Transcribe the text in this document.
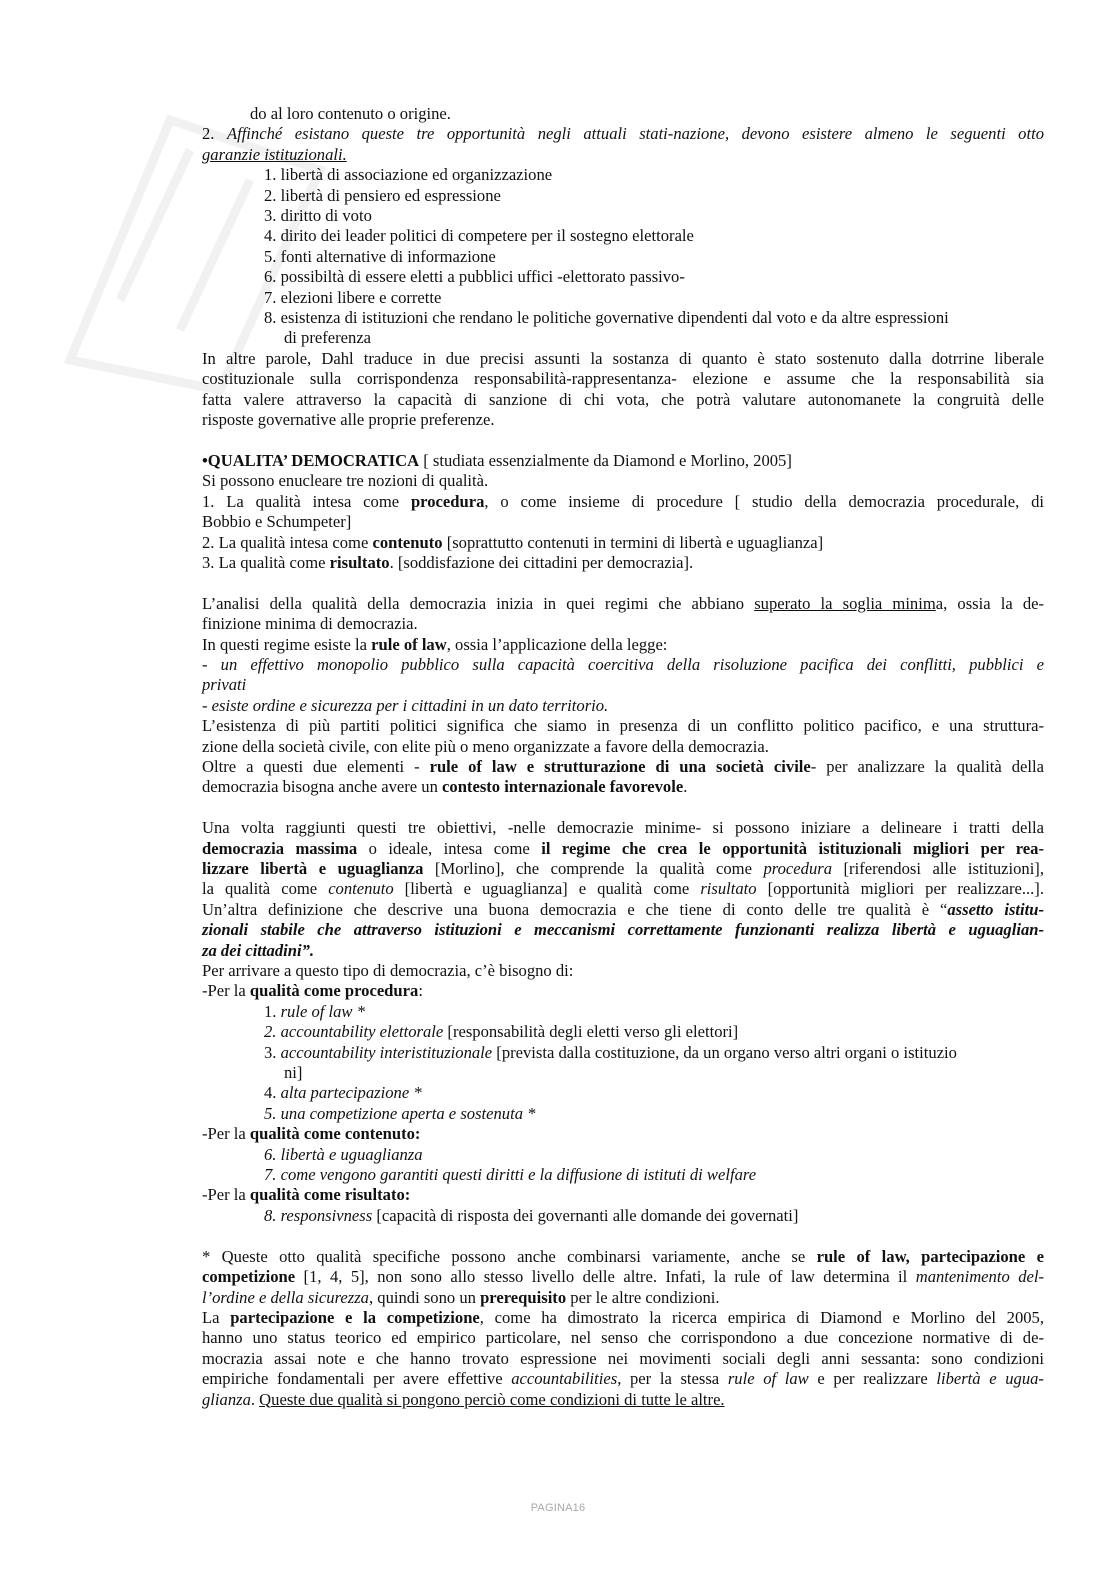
do al loro contenuto o origine.
2. Affinché esistano queste tre opportunità negli attuali stati-nazione, devono esistere almeno le seguenti otto
garanzie istituzionali.
1. libertà di associazione ed organizzazione
2. libertà di pensiero ed espressione
3. diritto di voto
4. dirito dei leader politici di competere per il sostegno elettorale
5. fonti alternative di informazione
6. possibiltà di essere eletti a pubblici uffici -elettorato passivo-
7. elezioni libere e corrette
8. esistenza di istituzioni che rendano le politiche governative dipendenti dal voto e da altre espressioni
di preferenza
In altre parole, Dahl traduce in due precisi assunti la sostanza di quanto è stato sostenuto dalla dotrrine liberale
costituzionale sulla corrispondenza responsabilità-rappresentanza- elezione e assume che la responsabilità sia
fatta valere attraverso la capacità di sanzione di chi vota, che potrà valutare autonomanete la congruità delle
risposte governative alle proprie preferenze.
•QUALITA’ DEMOCRATICA [ studiata essenzialmente da Diamond e Morlino, 2005]
Si possono enucleare tre nozioni di qualità.
1. La qualità intesa come procedura, o come insieme di procedure [ studio della democrazia procedurale, di
Bobbio e Schumpeter]
2. La qualità intesa come contenuto [soprattutto contenuti in termini di libertà e uguaglianza]
3. La qualità come risultato. [soddisfazione dei cittadini per democrazia].
L’analisi della qualità della democrazia inizia in quei regimi che abbiano superato la soglia minima, ossia la de-
finizione minima di democrazia.
In questi regime esiste la rule of law, ossia l’applicazione della legge:
- un effettivo monopolio pubblico sulla capacità coercitiva della risoluzione pacifica dei conflitti, pubblici e
privati
- esiste ordine e sicurezza per i cittadini in un dato territorio.
L’esistenza di più partiti politici significa che siamo in presenza di un conflitto politico pacifico, e una struttura-
zione della società civile, con elite più o meno organizzate a favore della democrazia.
Oltre a questi due elementi - rule of law e strutturazione di una società civile- per analizzare la qualità della
democrazia bisogna anche avere un contesto internazionale favorevole.
Una volta raggiunti questi tre obiettivi, -nelle democrazie minime- si possono iniziare a delineare i tratti della
democrazia massima o ideale, intesa come il regime che crea le opportunità istituzionali migliori per rea-
lizzare libertà e uguaglianza [Morlino], che comprende la qualità come procedura [riferendosi alle istituzioni],
la qualità come contenuto [libertà e uguaglianza] e qualità come risultato [opportunità migliori per realizzare...].
Un’altra definizione che descrive una buona democrazia e che tiene di conto delle tre qualità è “assetto istitu-
zionali stabile che attraverso istituzioni e meccanismi correttamente funzionanti realizza libertà e uguaglian-
za dei cittadini”.
Per arrivare a questo tipo di democrazia, c’è bisogno di:
-Per la qualità come procedura:
1. rule of law *
2. accountability elettorale [responsabilità degli eletti verso gli elettori]
3. accountability interistituzionale [prevista dalla costituzione, da un organo verso altri organi o istituzio
ni]
4. alta partecipazione *
5. una competizione aperta e sostenuta *
-Per la qualità come contenuto:
6. libertà e uguaglianza
7. come vengono garantiti questi diritti e la diffusione di istituti di welfare
-Per la qualità come risultato:
8. responsivness [capacità di risposta dei governanti alle domande dei governati]
* Queste otto qualità specifiche possono anche combinarsi variamente, anche se rule of law, partecipazione e
competizione [1, 4, 5], non sono allo stesso livello delle altre. Infati, la rule of law determina il mantenimento del-
l’ordine e della sicurezza, quindi sono un prerequisito per le altre condizioni.
La partecipazione e la competizione, come ha dimostrato la ricerca empirica di Diamond e Morlino del 2005,
hanno uno status teorico ed empirico particolare, nel senso che corrispondono a due concezione normative di de-
mocrazia assai note e che hanno trovato espressione nei movimenti sociali degli anni sessanta: sono condizioni
empiriche fondamentali per avere effettive accountabilities, per la stessa rule of law e per realizzare libertà e ugua-
glianza. Queste due qualità si pongono perciò come condizioni di tutte le altre.
PAGINA16
